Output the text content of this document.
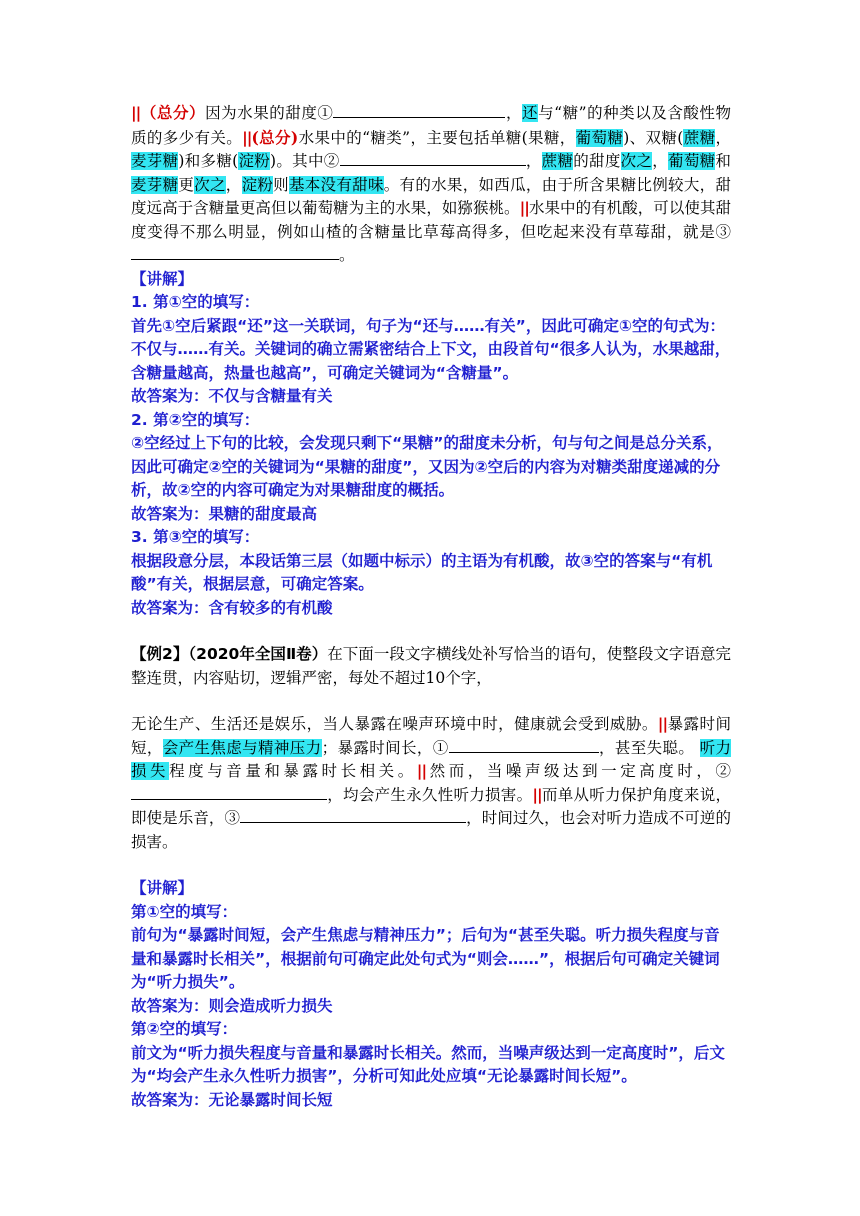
||（总分）因为水果的甜度①	，还与“糖”的种类以及含酸性物质的多少有关。||(总分)水果中的“糖类”，主要包括单糖(果糖，葡萄糖)、双糖(蔗糖，麦芽糖)和多糖(淀粉)。其中②	，蔗糖的甜度次之，葡萄糖和麦芽糖更次之，淀粉则基本没有甜味。有的水果，如西瓜，由于所含果糖比例较大，甜度远高于含糖量更高但以葡萄糖为主的水果，如猕猴桃。||水果中的有机酸，可以使其甜度变得不那么明显，例如山楂的含糖量比草莓高得多，但吃起来没有草莓甜，就是③。

【讲解】
1. 第①空的填写：
首先①空后紧跟“还”这一关联词，句子为“还与……有关”，因此可确定①空的句式为：不仅与……有关。关键词的确立需紧密结合上下文，由段首句“很多人认为，水果越甜，含糖量越高，热量也越高”，可确定关键词为“含糖量”。
故答案为：不仅与含糖量有关
2. 第②空的填写：
②空经过上下句的比较，会发现只剩下“果糖”的甜度未分析，句与句之间是总分关系，因此可确定②空的关键词为“果糖的甜度”，又因为②空后的内容为对糖类甜度递减的分析，故②空的内容可确定为对果糖甜度的概括。
故答案为：果糖的甜度最高
3. 第③空的填写：
根据段意分层，本段话第三层（如题中标示）的主语为有机酸，故③空的答案与“有机酸”有关，根据层意，可确定答案。
故答案为：含有较多的有机酸

【例2】（2020年全国Ⅱ卷）在下面一段文字横线处补写恰当的语句，使整段文字语意完整连贯，内容贴切，逻辑严密，每处不超过10个字，

无论生产、生活还是娱乐，当人暴露在噪声环境中时，健康就会受到威胁。||暴露时间短，会产生焦虑与精神压力；暴露时间长，①	，甚至失聪。 听力损失程度与音量和暴露时长相关。||然而，当噪声级达到一定高度时，②，均会产生永久性听力损害。||而单从听力保护角度来说，即使是乐音，③	，时间过久，也会对听力造成不可逆的损害。

【讲解】
第①空的填写：
前句为“暴露时间短，会产生焦虑与精神压力”；后句为“甚至失聪。听力损失程度与音量和暴露时长相关”，根据前句可确定此处句式为“则会……”，根据后句可确定关键词为“听力损失”。
故答案为：则会造成听力损失
第②空的填写：
前文为“听力损失程度与音量和暴露时长相关。然而，当噪声级达到一定高度时”，后文为“均会产生永久性听力损害”，分析可知此处应填“无论暴露时间长短”。
故答案为：无论暴露时间长短
